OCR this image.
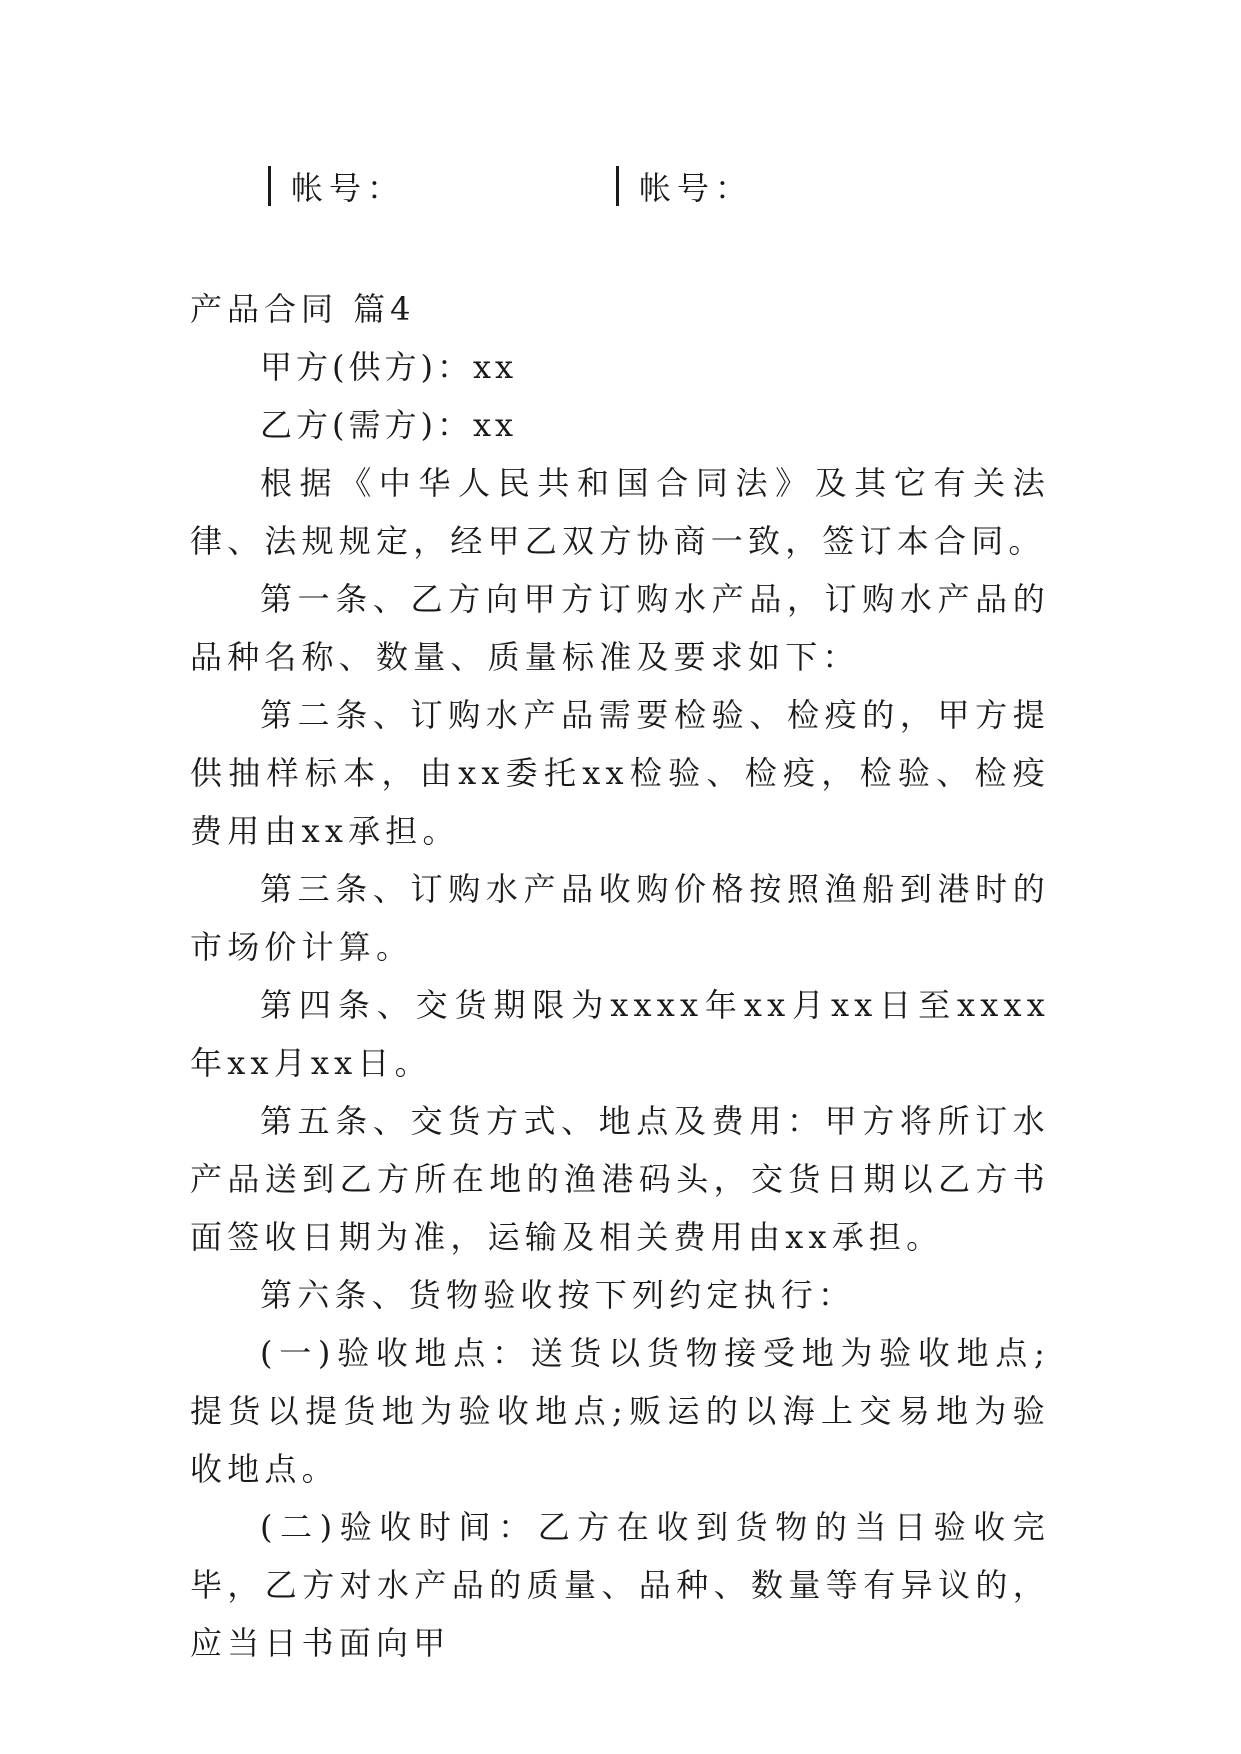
帐号：	帐号：
产品合同 篇4

甲方(供方)：xx

乙方(需方)：xx

根据《中华人民共和国合同法》及其它有关法律、法规规定，经甲乙双方协商一致，签订本合同。

第一条、乙方向甲方订购水产品，订购水产品的品种名称、数量、质量标准及要求如下：

第二条、订购水产品需要检验、检疫的，甲方提供抽样标本，由xx委托xx检验、检疫，检验、检疫费用由xx承担。

第三条、订购水产品收购价格按照渔船到港时的市场价计算。

第四条、交货期限为xxxx年xx月xx日至xxxx年xx月xx日。

第五条、交货方式、地点及费用：甲方将所订水产品送到乙方所在地的渔港码头，交货日期以乙方书面签收日期为准，运输及相关费用由xx承担。

第六条、货物验收按下列约定执行：

(一)验收地点：送货以货物接受地为验收地点;提货以提货地为验收地点;贩运的以海上交易地为验收地点。

(二)验收时间：乙方在收到货物的当日验收完毕，乙方对水产品的质量、品种、数量等有异议的，应当日书面向甲
